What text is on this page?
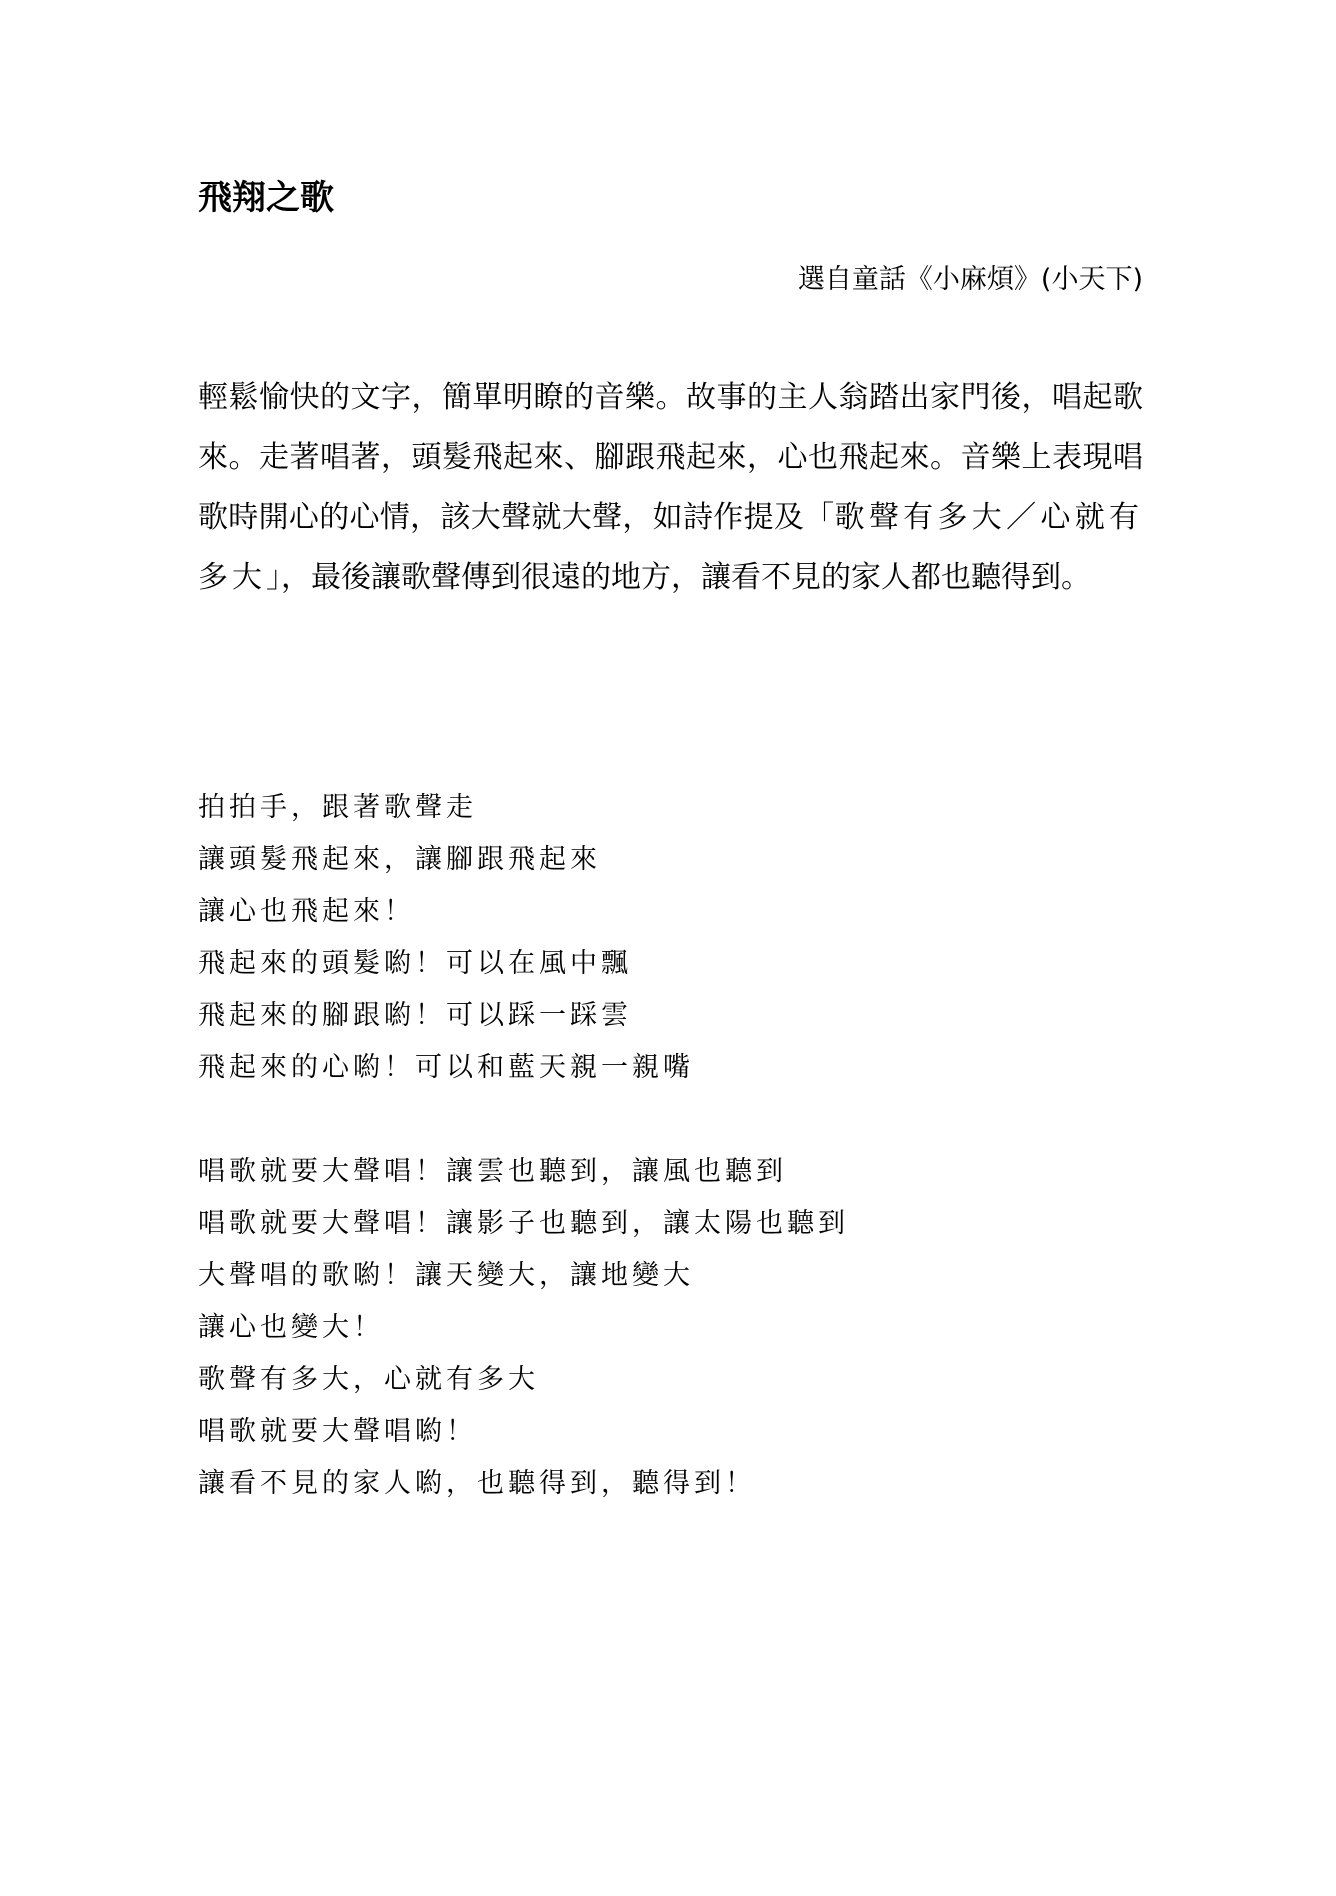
飛翔之歌
選自童話《小麻煩》(小天下)

輕鬆愉快的文字，簡單明瞭的音樂。故事的主人翁踏出家門後，唱起歌來。走著唱著，頭髮飛起來、腳跟飛起來，心也飛起來。音樂上表現唱歌時開心的心情，該大聲就大聲，如詩作提及「歌聲有多大／心就有多大」，最後讓歌聲傳到很遠的地方，讓看不見的家人都也聽得到。

拍拍手，跟著歌聲走
讓頭髮飛起來，讓腳跟飛起來
讓心也飛起來！
飛起來的頭髮喲！可以在風中飄
飛起來的腳跟喲！可以踩一踩雲
飛起來的心喲！可以和藍天親一親嘴
唱歌就要大聲唱！讓雲也聽到，讓風也聽到
唱歌就要大聲唱！讓影子也聽到，讓太陽也聽到
大聲唱的歌喲！讓天變大，讓地變大
讓心也變大！
歌聲有多大，心就有多大
唱歌就要大聲唱喲！
讓看不見的家人喲，也聽得到，聽得到！
